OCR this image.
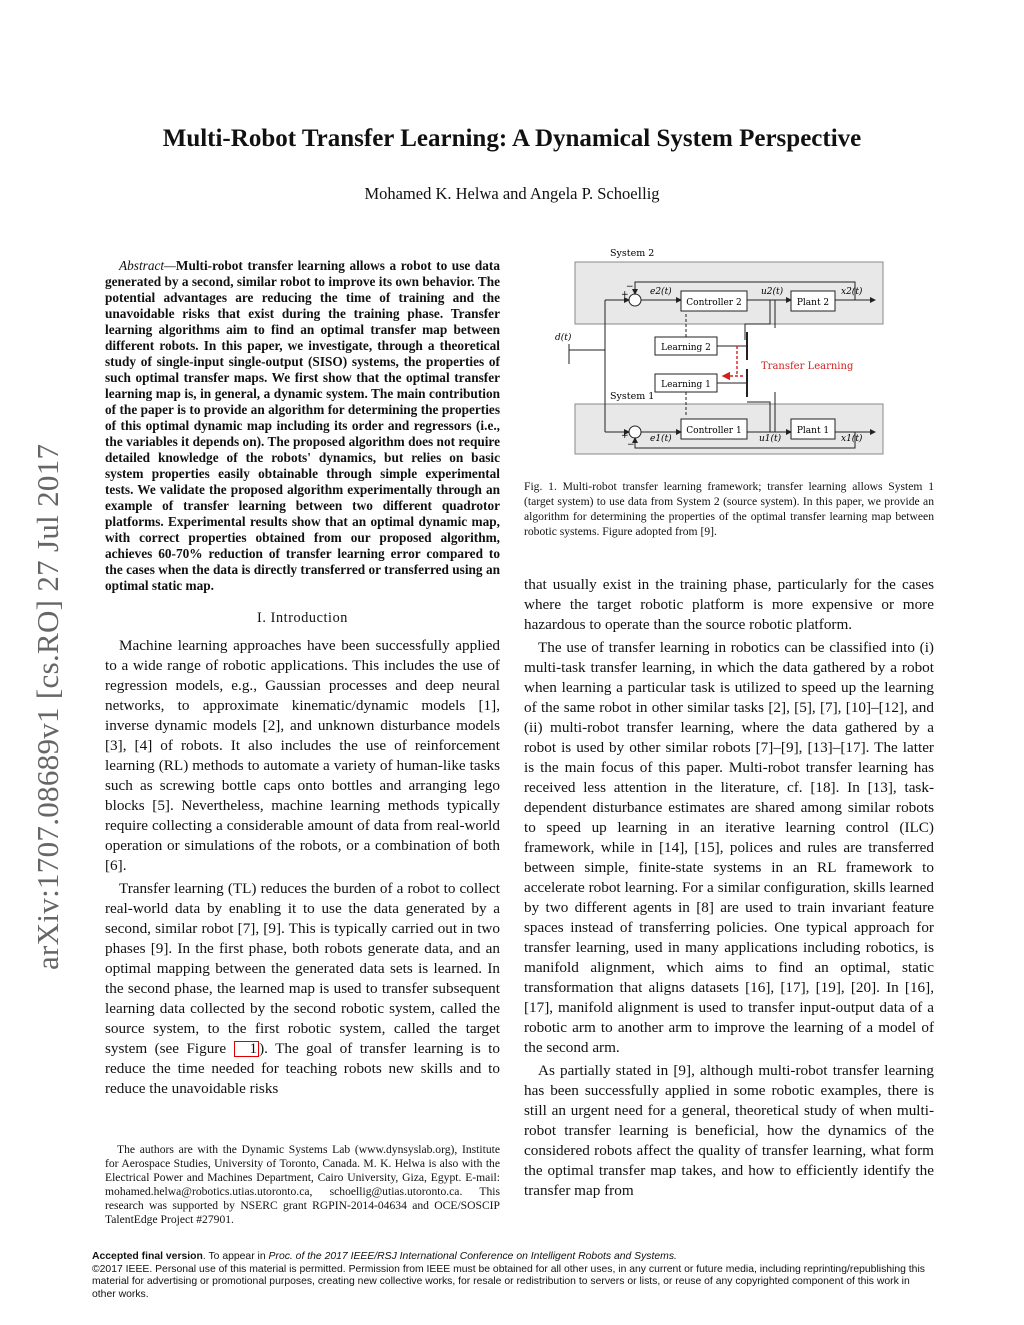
arXiv:1707.08689v1 [cs.RO] 27 Jul 2017
Multi-Robot Transfer Learning: A Dynamical System Perspective
Mohamed K. Helwa and Angela P. Schoellig
Abstract—Multi-robot transfer learning allows a robot to use data generated by a second, similar robot to improve its own behavior. The potential advantages are reducing the time of training and the unavoidable risks that exist during the training phase. Transfer learning algorithms aim to find an optimal transfer map between different robots. In this paper, we investigate, through a theoretical study of single-input single-output (SISO) systems, the properties of such optimal transfer maps. We first show that the optimal transfer learning map is, in general, a dynamic system. The main contribution of the paper is to provide an algorithm for determining the properties of this optimal dynamic map including its order and regressors (i.e., the variables it depends on). The proposed algorithm does not require detailed knowledge of the robots' dynamics, but relies on basic system properties easily obtainable through simple experimental tests. We validate the proposed algorithm experimentally through an example of transfer learning between two different quadrotor platforms. Experimental results show that an optimal dynamic map, with correct properties obtained from our proposed algorithm, achieves 60-70% reduction of transfer learning error compared to the cases when the data is directly transferred or transferred using an optimal static map.
I. Introduction

Machine learning approaches have been successfully applied to a wide range of robotic applications. This includes the use of regression models, e.g., Gaussian processes and deep neural networks, to approximate kinematic/dynamic models [1], inverse dynamic models [2], and unknown disturbance models [3], [4] of robots. It also includes the use of reinforcement learning (RL) methods to automate a variety of human-like tasks such as screwing bottle caps onto bottles and arranging lego blocks [5]. Nevertheless, machine learning methods typically require collecting a considerable amount of data from real-world operation or simulations of the robots, or a combination of both [6].

Transfer learning (TL) reduces the burden of a robot to collect real-world data by enabling it to use the data generated by a second, similar robot [7], [9]. This is typically carried out in two phases [9]. In the first phase, both robots generate data, and an optimal mapping between the generated data sets is learned. In the second phase, the learned map is used to transfer subsequent learning data collected by the second robotic system, called the source system, to the first robotic system, called the target system (see Figure 1 ). The goal of transfer learning is to reduce the time needed for teaching robots new skills and to reduce the unavoidable risks

The authors are with the Dynamic Systems Lab (www.dynsyslab.org), Institute for Aerospace Studies, University of Toronto, Canada. M. K. Helwa is also with the Electrical Power and Machines Department, Cairo University, Giza, Egypt. E-mail: mohamed.helwa@robotics.utias.utoronto.ca, schoellig@utias.utoronto.ca. This research was supported by NSERC grant RGPIN-2014-04634 and OCE/SOSCIP TalentEdge Project #27901.
System 2
System 1
+
− e2(t)
Controller 2
u2(t)
Plant 2
x2(t)
+
−
e1(t)
Controller 1
u1(t)
Plant 1
x1(t)
d(t)
Learning 2
Learning 1
Transfer Learning
Fig. 1. Multi-robot transfer learning framework; transfer learning allows System 1 (target system) to use data from System 2 (source system). In this paper, we provide an algorithm for determining the properties of the optimal transfer learning map between robotic systems. Figure adopted from [9].

that usually exist in the training phase, particularly for the cases where the target robotic platform is more expensive or more hazardous to operate than the source robotic platform.

The use of transfer learning in robotics can be classified into (i) multi-task transfer learning, in which the data gathered by a robot when learning a particular task is utilized to speed up the learning of the same robot in other similar tasks [2], [5], [7], [10]–[12], and (ii) multi-robot transfer learning, where the data gathered by a robot is used by other similar robots [7]–[9], [13]–[17]. The latter is the main focus of this paper. Multi-robot transfer learning has received less attention in the literature, cf. [18]. In [13], task-dependent disturbance estimates are shared among similar robots to speed up learning in an iterative learning control (ILC) framework, while in [14], [15], polices and rules are transferred between simple, finite-state systems in an RL framework to accelerate robot learning. For a similar configuration, skills learned by two different agents in [8] are used to train invariant feature spaces instead of transferring policies. One typical approach for transfer learning, used in many applications including robotics, is manifold alignment, which aims to find an optimal, static transformation that aligns datasets [16], [17], [19], [20]. In [16], [17], manifold alignment is used to transfer input-output data of a robotic arm to another arm to improve the learning of a model of the second arm.

As partially stated in [9], although multi-robot transfer learning has been successfully applied in some robotic examples, there is still an urgent need for a general, theoretical study of when multi-robot transfer learning is beneficial, how the dynamics of the considered robots affect the quality of transfer learning, what form the optimal transfer map takes, and how to efficiently identify the transfer map from

Accepted final version. To appear in Proc. of the 2017 IEEE/RSJ International Conference on Intelligent Robots and Systems.
©2017 IEEE. Personal use of this material is permitted. Permission from IEEE must be obtained for all other uses, in any current or future media, including reprinting/republishing this material for advertising or promotional purposes, creating new collective works, for resale or redistribution to servers or lists, or reuse of any copyrighted component of this work in other works.
